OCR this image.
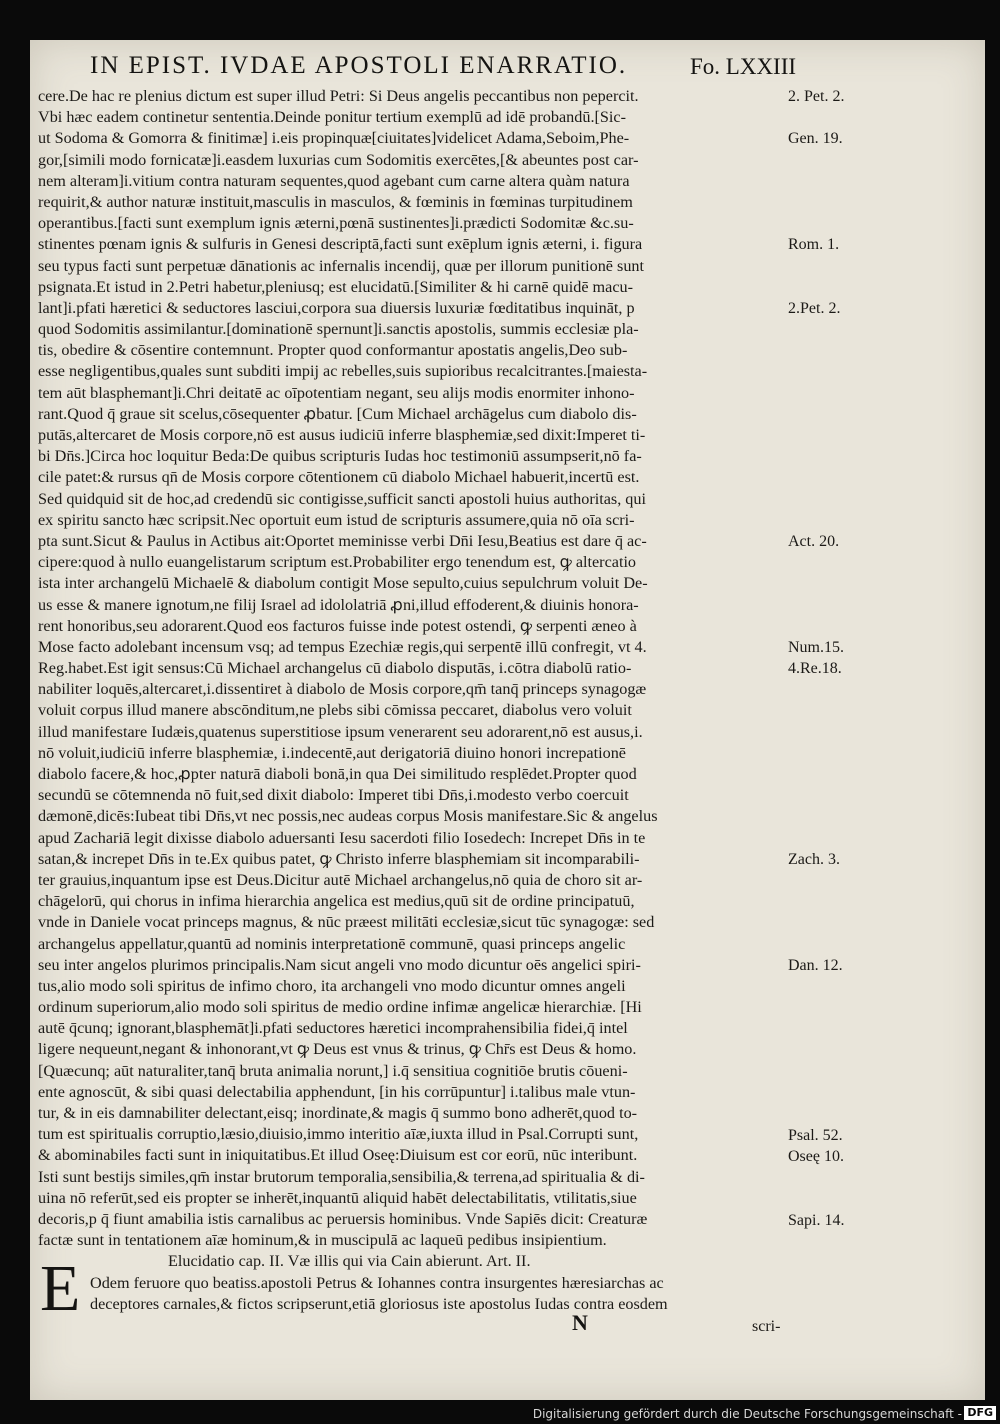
IN EPIST. IVDAE APOSTOLI ENARRATIO.	Fo. LXXIII
cere.De hac re plenius dictum est super illud Petri: Si Deus angelis peccantibus non pepercit.
Vbi hæc eadem continetur sententia.Deinde ponitur tertium exemplū ad idē probandū.[Sic-
ut Sodoma & Gomorra & finitimæ] i.eis propinquæ[ciuitates]videlicet Adama,Seboim,Phe-
gor,[simili modo fornicatæ]i.easdem luxurias cum Sodomitis exercētes,[& abeuntes post car-
nem alteram]i.vitium contra naturam sequentes,quod agebant cum carne altera quàm natura
requirit,& author naturæ instituit,masculis in masculos, & fœminis in fœminas turpitudinem
operantibus.[facti sunt exemplum ignis æterni,pœnā sustinentes]i.prædicti Sodomitæ &c.su-
stinentes pœnam ignis & sulfuris in Genesi descriptā,facti sunt exēplum ignis æterni, i. figura
seu typus facti sunt perpetuæ dānationis ac infernalis incendij, quæ per illorum punitionē sunt
psignata.Et istud in 2.Petri habetur,pleniusq; est elucidatū.[Similiter & hi carnē quidē macu-
lant]i.pfati hæretici & seductores lasciui,corpora sua diuersis luxuriæ fœditatibus inquināt, p
quod Sodomitis assimilantur.[dominationē spernunt]i.sanctis apostolis, summis ecclesiæ pla-
tis, obedire & cōsentire contemnunt. Propter quod conformantur apostatis angelis,Deo sub-
esse negligentibus,quales sunt subditi impij ac rebelles,suis supioribus recalcitrantes.[maiesta-
tem aūt blasphemant]i.Chri deitatē ac oīpotentiam negant, seu alijs modis enormiter inhono-
rant.Quod q̄ graue sit scelus,cōsequenter ꝓbatur. [Cum Michael archāgelus cum diabolo dis-
putās,altercaret de Mosis corpore,nō est ausus iudiciū inferre blasphemiæ,sed dixit:Imperet ti-
bi Dn̄s.]Circa hoc loquitur Beda:De quibus scripturis Iudas hoc testimoniū assumpserit,nō fa-
cile patet:& rursus qn̄ de Mosis corpore cōtentionem cū diabolo Michael habuerit,incertū est.
Sed quidquid sit de hoc,ad credendū sic contigisse,sufficit sancti apostoli huius authoritas, qui
ex spiritu sancto hæc scripsit.Nec oportuit eum istud de scripturis assumere,quia nō oīa scri-
pta sunt.Sicut & Paulus in Actibus ait:Oportet meminisse verbi Dn̄i Iesu,Beatius est dare q̄ ac-
cipere:quod à nullo euangelistarum scriptum est.Probabiliter ergo tenendum est, ꝙ altercatio
ista inter archangelū Michaelē & diabolum contigit Mose sepulto,cuius sepulchrum voluit De-
us esse & manere ignotum,ne filij Israel ad idololatriā ꝓni,illud effoderent,& diuinis honora-
rent honoribus,seu adorarent.Quod eos facturos fuisse inde potest ostendi, ꝙ serpenti æneo à
Mose facto adolebant incensum vsq; ad tempus Ezechiæ regis,qui serpentē illū confregit, vt 4.
Reg.habet.Est igit sensus:Cū Michael archangelus cū diabolo disputās, i.cōtra diabolū ratio-
nabiliter loquēs,altercaret,i.dissentiret à diabolo de Mosis corpore,qm̄ tanq̄ princeps synagogæ
voluit corpus illud manere abscōnditum,ne plebs sibi cōmissa peccaret, diabolus vero voluit
illud manifestare Iudæis,quatenus superstitiose ipsum venerarent seu adorarent,nō est ausus,i.
nō voluit,iudiciū inferre blasphemiæ, i.indecentē,aut derigatoriā diuino honori increpationē
diabolo facere,& hoc,ꝓpter naturā diaboli bonā,in qua Dei similitudo resplēdet.Propter quod
secundū se cōtemnenda nō fuit,sed dixit diabolo: Imperet tibi Dn̄s,i.modesto verbo coercuit
dæmonē,dicēs:Iubeat tibi Dn̄s,vt nec possis,nec audeas corpus Mosis manifestare.Sic & angelus
apud Zachariā legit dixisse diabolo aduersanti Iesu sacerdoti filio Iosedech: Increpet Dn̄s in te
satan,& increpet Dn̄s in te.Ex quibus patet, ꝙ Christo inferre blasphemiam sit incomparabili-
ter grauius,inquantum ipse est Deus.Dicitur autē Michael archangelus,nō quia de choro sit ar-
chāgelorū, qui chorus in infima hierarchia angelica est medius,quū sit de ordine principatuū,
vnde in Daniele vocat princeps magnus, & nūc præest militāti ecclesiæ,sicut tūc synagogæ: sed
archangelus appellatur,quantū ad nominis interpretationē communē, quasi princeps angelic
seu inter angelos plurimos principalis.Nam sicut angeli vno modo dicuntur oēs angelici spiri-
tus,alio modo soli spiritus de infimo choro, ita archangeli vno modo dicuntur omnes angeli
ordinum superiorum,alio modo soli spiritus de medio ordine infimæ angelicæ hierarchiæ. [Hi
autē q̄cunq; ignorant,blasphemāt]i.pfati seductores hæretici incomprahensibilia fidei,q̄ intel
ligere nequeunt,negant & inhonorant,vt ꝙ Deus est vnus & trinus, ꝙ Chr̄s est Deus & homo.
[Quæcunq; aūt naturaliter,tanq̄ bruta animalia norunt,] i.q̄ sensitiua cognitiōe brutis cōueni-
ente agnoscūt, & sibi quasi delectabilia apphendunt, [in his corrūpuntur] i.talibus male vtun-
tur, & in eis damnabiliter delectant,eisq; inordinate,& magis q̄ summo bono adherēt,quod to-
tum est spiritualis corruptio,læsio,diuisio,immo interitio aīæ,iuxta illud in Psal.Corrupti sunt,
& abominabiles facti sunt in iniquitatibus.Et illud Oseę:Diuisum est cor eorū, nūc interibunt.
Isti sunt bestijs similes,qm̄ instar brutorum temporalia,sensibilia,& terrena,ad spiritualia & di-
uina nō referūt,sed eis propter se inherēt,inquantū aliquid habēt delectabilitatis, vtilitatis,siue
decoris,p q̄ fiunt amabilia istis carnalibus ac peruersis hominibus. Vnde Sapiēs dicit: Creaturæ
factæ sunt in tentationem aīæ hominum,& in muscipulā ac laqueū pedibus insipientium.
Elucidatio cap. II. Væ illis qui via Cain abierunt. Art. II.
Odem feruore quo beatiss.apostoli Petrus & Iohannes contra insurgentes hæresiarchas ac
deceptores carnales,& fictos scripserunt,etiā gloriosus iste apostolus Iudas contra eosdem
2. Pet. 2.
Gen. 19.
Rom. 1.
2.Pet. 2.
Act. 20.
Num.15.
4.Re.18.
Zach. 3.
Dan. 12.
Psal. 52.
Oseę 10.
Sapi. 14.
E	N	scri-
Digitalisierung gefördert durch die Deutsche Forschungsgemeinschaft - DFG
